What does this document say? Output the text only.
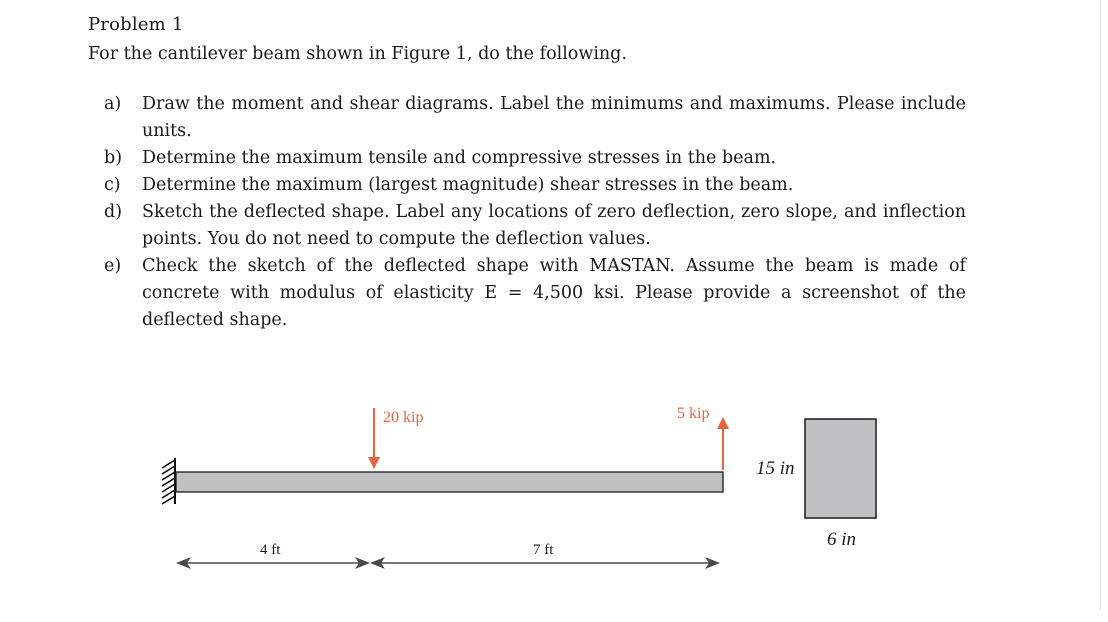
Problem 1
For the cantilever beam shown in Figure 1, do the following.
a) Draw the moment and shear diagrams. Label the minimums and maximums. Please include units.
b) Determine the maximum tensile and compressive stresses in the beam.
c) Determine the maximum (largest magnitude) shear stresses in the beam.
d) Sketch the deflected shape. Label any locations of zero deflection, zero slope, and inflection points. You do not need to compute the deflection values.
e) Check the sketch of the deflected shape with MASTAN. Assume the beam is made of concrete with modulus of elasticity E = 4,500 ksi. Please provide a screenshot of the deflected shape.
20 kip	5 kip
15 in
6 in
4 ft	7 ft
